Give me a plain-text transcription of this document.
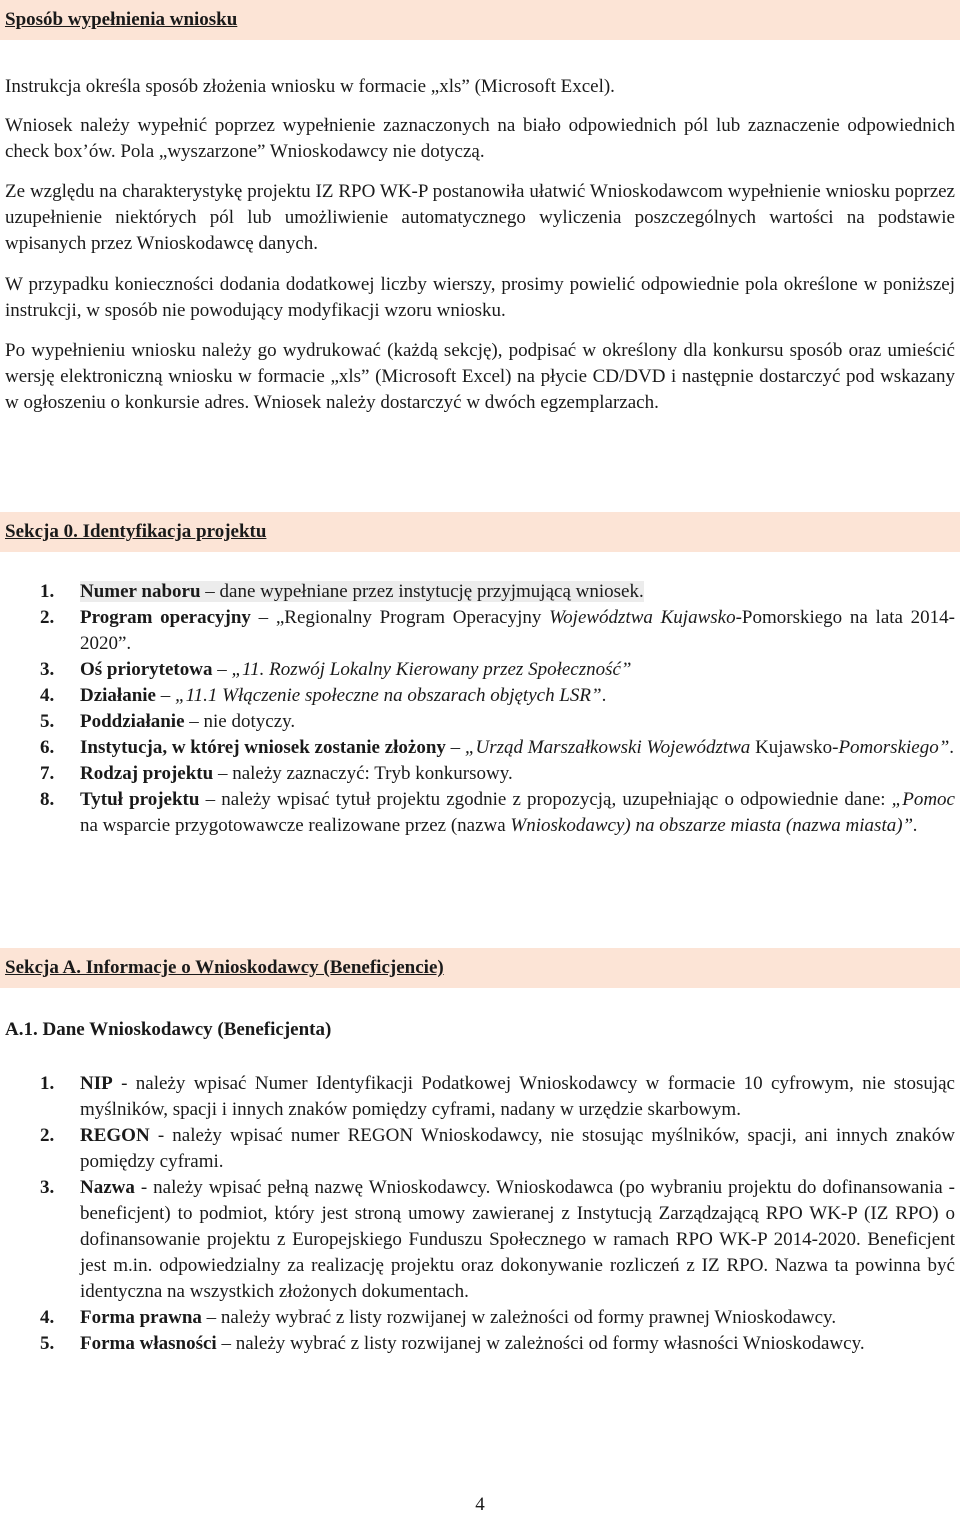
Sposób wypełnienia wniosku

Instrukcja określa sposób złożenia wniosku w formacie „xls” (Microsoft Excel).

Wniosek należy wypełnić poprzez wypełnienie zaznaczonych na biało odpowiednich pól lub zaznaczenie odpowiednich check box’ów. Pola „wyszarzone” Wnioskodawcy nie dotyczą.

Ze względu na charakterystykę projektu IZ RPO WK-P postanowiła ułatwić Wnioskodawcom wypełnienie wniosku poprzez uzupełnienie niektórych pól lub umożliwienie automatycznego wyliczenia poszczególnych wartości na podstawie wpisanych przez Wnioskodawcę danych.

W przypadku konieczności dodania dodatkowej liczby wierszy, prosimy powielić odpowiednie pola określone w poniższej instrukcji, w sposób nie powodujący modyfikacji wzoru wniosku.

Po wypełnieniu wniosku należy go wydrukować (każdą sekcję), podpisać w określony dla konkursu sposób oraz umieścić wersję elektroniczną wniosku w formacie „xls” (Microsoft Excel) na płycie CD/DVD i następnie dostarczyć pod wskazany w ogłoszeniu o konkursie adres. Wniosek należy dostarczyć w dwóch egzemplarzach.

Sekcja 0. Identyfikacja projektu
1. Numer naboru – dane wypełniane przez instytucję przyjmującą wniosek.
2. Program operacyjny – „Regionalny Program Operacyjny Województwa Kujawsko-Pomorskiego na lata 2014-2020”.
3. Oś priorytetowa – „11. Rozwój Lokalny Kierowany przez Społeczność”
4. Działanie – „11.1 Włączenie społeczne na obszarach objętych LSR”.
5. Poddziałanie – nie dotyczy.
6. Instytucja, w której wniosek zostanie złożony – „Urząd Marszałkowski Województwa Kujawsko-Pomorskiego”.
7. Rodzaj projektu – należy zaznaczyć: Tryb konkursowy.
8. Tytuł projektu – należy wpisać tytuł projektu zgodnie z propozycją, uzupełniając o odpowiednie dane: „Pomoc na wsparcie przygotowawcze realizowane przez (nazwa Wnioskodawcy) na obszarze miasta (nazwa miasta)”.
Sekcja A. Informacje o Wnioskodawcy (Beneficjencie)

A.1. Dane Wnioskodawcy (Beneficjenta)

1. NIP - należy wpisać Numer Identyfikacji Podatkowej Wnioskodawcy w formacie 10 cyfrowym, nie stosując myślników, spacji i innych znaków pomiędzy cyframi, nadany w urzędzie skarbowym.
2. REGON - należy wpisać numer REGON Wnioskodawcy, nie stosując myślników, spacji, ani innych znaków pomiędzy cyframi.
3. Nazwa - należy wpisać pełną nazwę Wnioskodawcy. Wnioskodawca (po wybraniu projektu do dofinansowania - beneficjent) to podmiot, który jest stroną umowy zawieranej z Instytucją Zarządzającą RPO WK-P (IZ RPO) o dofinansowanie projektu z Europejskiego Funduszu Społecznego w ramach RPO WK-P 2014-2020. Beneficjent jest m.in. odpowiedzialny za realizację projektu oraz dokonywanie rozliczeń z IZ RPO. Nazwa ta powinna być identyczna na wszystkich złożonych dokumentach.
4. Forma prawna – należy wybrać z listy rozwijanej w zależności od formy prawnej Wnioskodawcy.
5. Forma własności – należy wybrać z listy rozwijanej w zależności od formy własności Wnioskodawcy.
4
